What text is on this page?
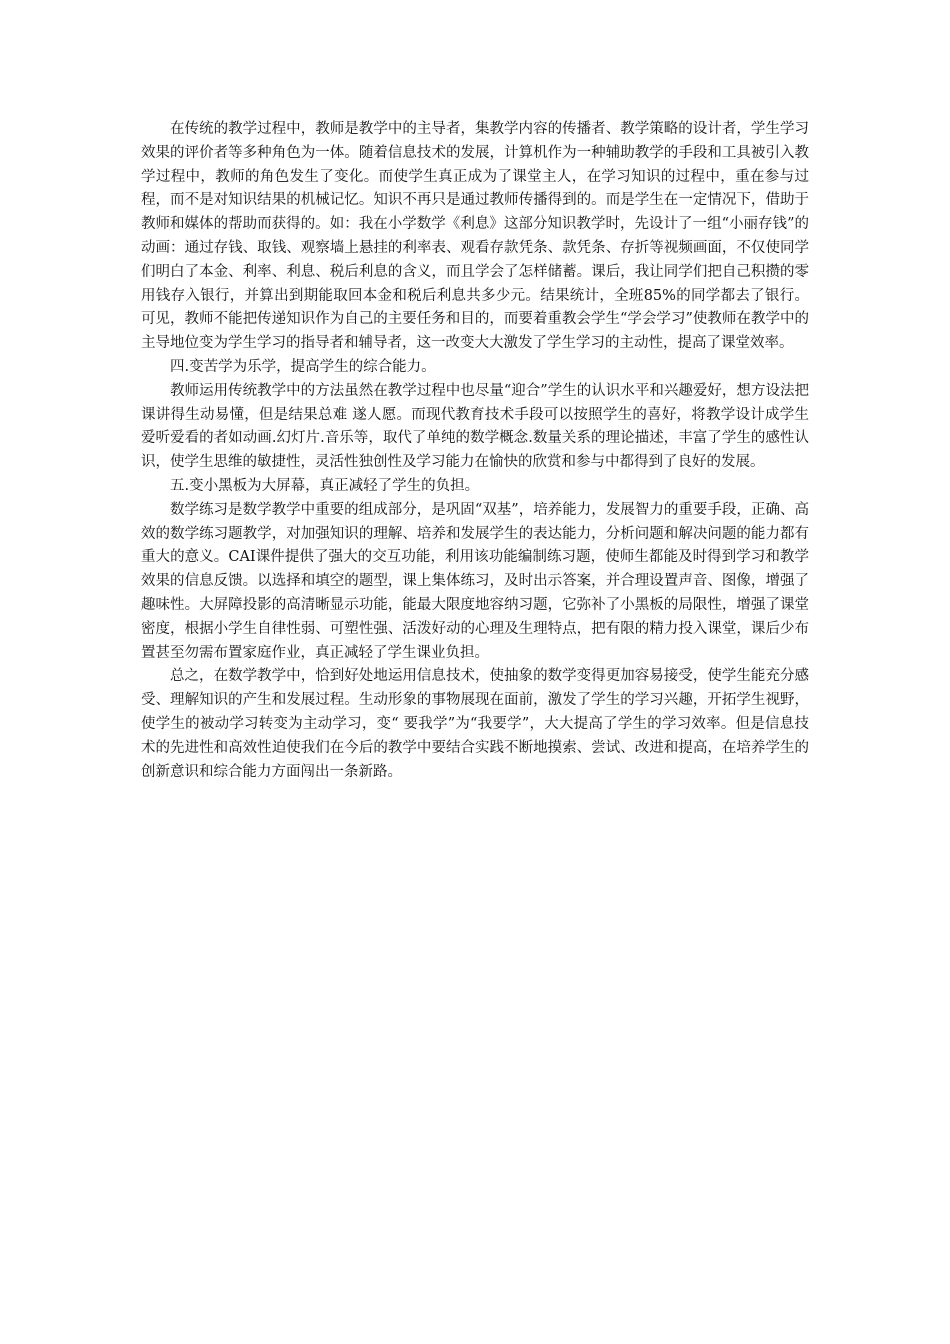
在传统的教学过程中，教师是教学中的主导者，集教学内容的传播者、教学策略的设计者，学生学习效果的评价者等多种角色为一体。随着信息技术的发展，计算机作为一种辅助教学的手段和工具被引入教学过程中，教师的角色发生了变化。而使学生真正成为了课堂主人，在学习知识的过程中，重在参与过程，而不是对知识结果的机械记忆。知识不再只是通过教师传播得到的。而是学生在一定情况下，借助于教师和媒体的帮助而获得的。如：我在小学数学《利息》这部分知识教学时，先设计了一组“小丽存钱”的动画：通过存钱、取钱、观察墙上悬挂的利率表、观看存款凭条、款凭条、存折等视频画面，不仅使同学们明白了本金、利率、利息、税后利息的含义，而且学会了怎样储蓄。课后，我让同学们把自己积攒的零用钱存入银行，并算出到期能取回本金和税后利息共多少元。结果统计，全班85%的同学都去了银行。可见，教师不能把传递知识作为自己的主要任务和目的，而要着重教会学生“学会学习”使教师在教学中的主导地位变为学生学习的指导者和辅导者，这一改变大大激发了学生学习的主动性，提高了课堂效率。

四.变苦学为乐学，提高学生的综合能力。

教师运用传统教学中的方法虽然在教学过程中也尽量“迎合”学生的认识水平和兴趣爱好，想方设法把课讲得生动易懂，但是结果总难 遂人愿。而现代教育技术手段可以按照学生的喜好，将教学设计成学生爱听爱看的者如动画.幻灯片.音乐等，取代了单纯的数学概念.数量关系的理论描述，丰富了学生的感性认识，使学生思维的敏捷性，灵活性独创性及学习能力在愉快的欣赏和参与中都得到了良好的发展。

五.变小黑板为大屏幕，真正减轻了学生的负担。

数学练习是数学教学中重要的组成部分，是巩固“双基”，培养能力，发展智力的重要手段，正确、高效的数学练习题教学，对加强知识的理解、培养和发展学生的表达能力，分析问题和解决问题的能力都有重大的意义。CAI课件提供了强大的交互功能，利用该功能编制练习题，使师生都能及时得到学习和教学效果的信息反馈。以选择和填空的题型，课上集体练习，及时出示答案，并合理设置声音、图像，增强了趣味性。大屏障投影的高清晰显示功能，能最大限度地容纳习题，它弥补了小黑板的局限性，增强了课堂密度，根据小学生自律性弱、可塑性强、活泼好动的心理及生理特点，把有限的精力投入课堂，课后少布置甚至勿需布置家庭作业，真正减轻了学生课业负担。

总之，在数学教学中，恰到好处地运用信息技术，使抽象的数学变得更加容易接受，使学生能充分感受、理解知识的产生和发展过程。生动形象的事物展现在面前，激发了学生的学习兴趣，开拓学生视野，使学生的被动学习转变为主动学习，变“ 要我学”为“我要学”，大大提高了学生的学习效率。但是信息技术的先进性和高效性迫使我们在今后的教学中要结合实践不断地摸索、尝试、改进和提高，在培养学生的创新意识和综合能力方面闯出一条新路。
